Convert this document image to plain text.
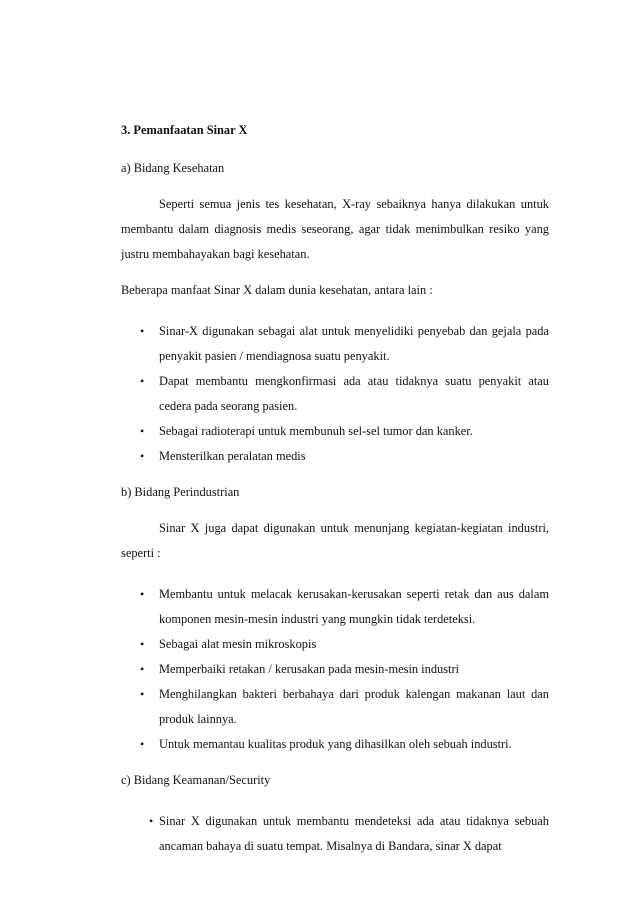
3. Pemanfaatan Sinar X
a) Bidang Kesehatan
Seperti semua jenis tes kesehatan, X-ray sebaiknya hanya dilakukan untuk membantu dalam diagnosis medis seseorang, agar tidak menimbulkan resiko yang justru membahayakan bagi kesehatan.
Beberapa manfaat Sinar X dalam dunia kesehatan, antara lain :
• Sinar-X digunakan sebagai alat untuk menyelidiki penyebab dan gejala pada penyakit pasien / mendiagnosa suatu penyakit.
• Dapat membantu mengkonfirmasi ada atau tidaknya suatu penyakit atau cedera pada seorang pasien.
• Sebagai radioterapi untuk membunuh sel-sel tumor dan kanker.
• Mensterilkan peralatan medis
b) Bidang Perindustrian
Sinar X juga dapat digunakan untuk menunjang kegiatan-kegiatan industri, seperti :
• Membantu untuk melacak kerusakan-kerusakan seperti retak dan aus dalam komponen mesin-mesin industri yang mungkin tidak terdeteksi.
• Sebagai alat mesin mikroskopis
• Memperbaiki retakan / kerusakan pada mesin-mesin industri
• Menghilangkan bakteri berbahaya dari produk kalengan makanan laut dan produk lainnya.
• Untuk memantau kualitas produk yang dihasilkan oleh sebuah industri.
c) Bidang Keamanan/Security
• Sinar X digunakan untuk membantu mendeteksi ada atau tidaknya sebuah ancaman bahaya di suatu tempat. Misalnya di Bandara, sinar X dapat
